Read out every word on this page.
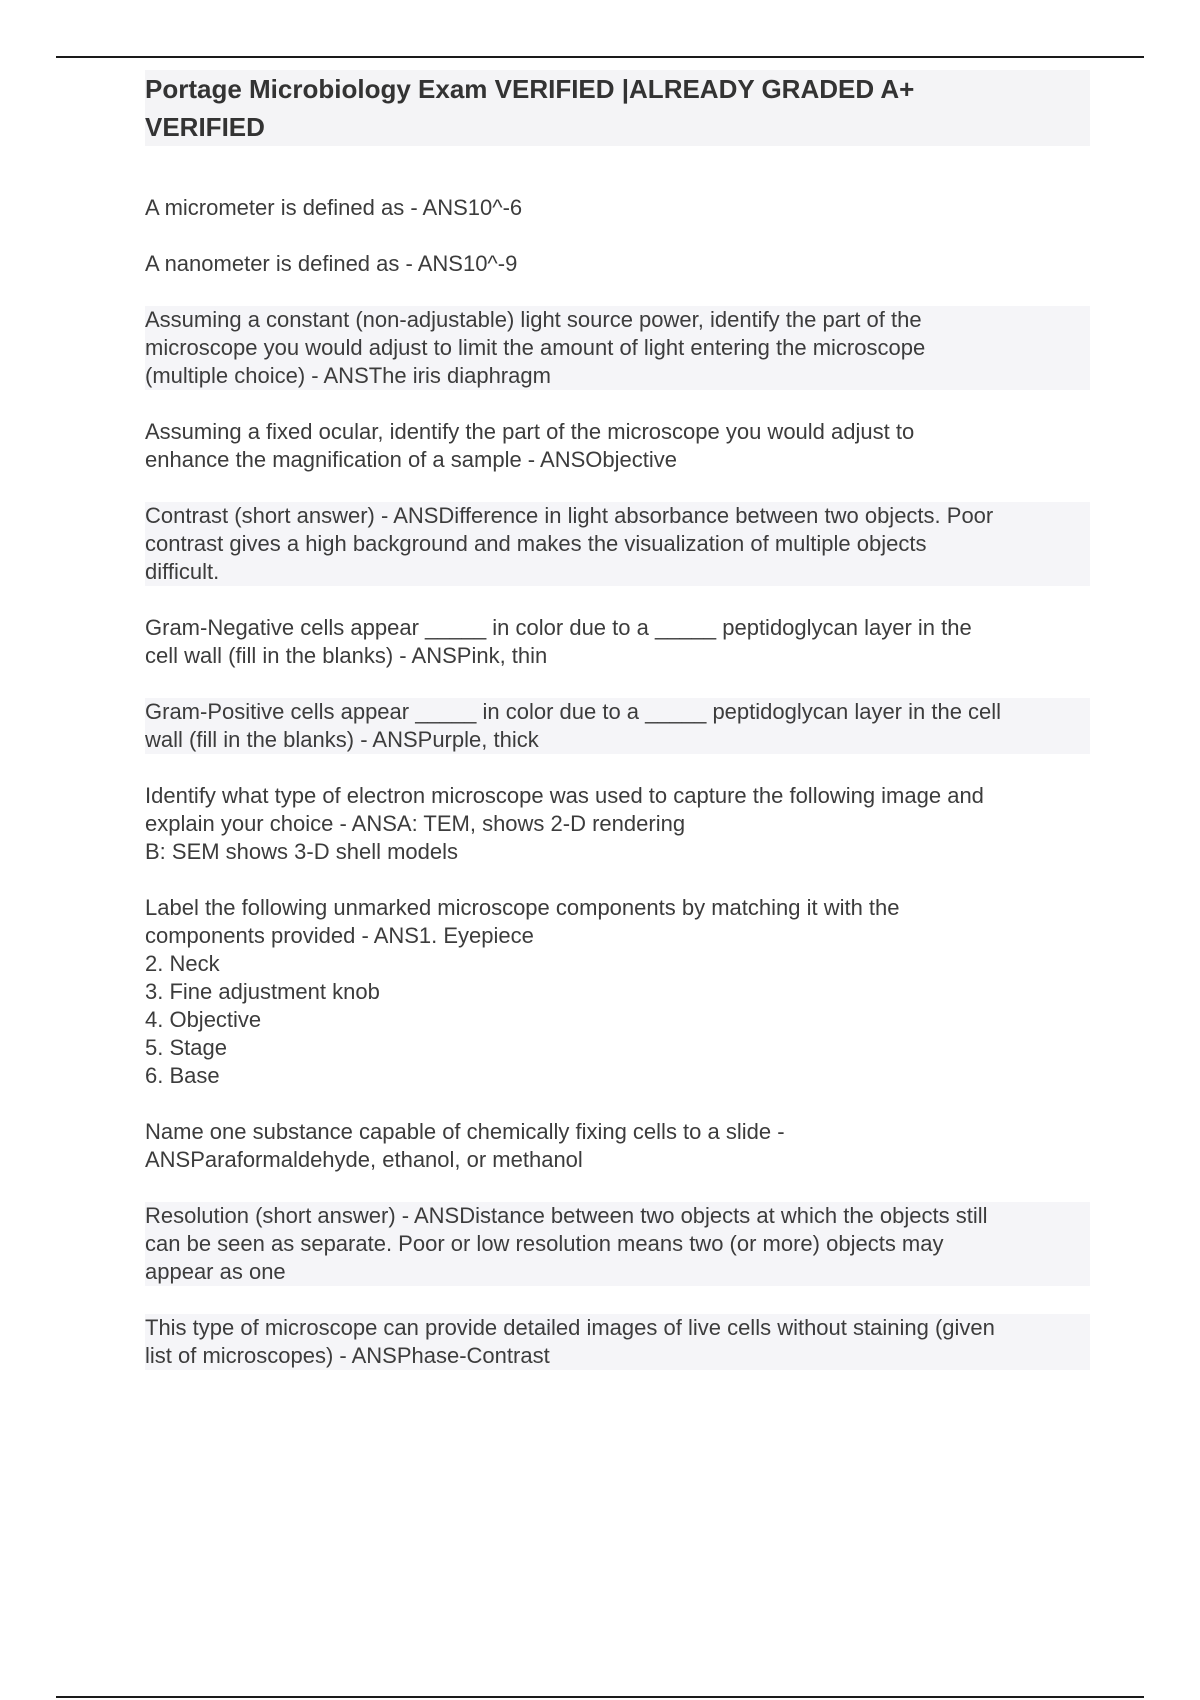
Portage Microbiology Exam VERIFIED |ALREADY GRADED A+
VERIFIED
A micrometer is defined as - ANS10^-6
A nanometer is defined as - ANS10^-9
Assuming a constant (non-adjustable) light source power, identify the part of the
microscope you would adjust to limit the amount of light entering the microscope
(multiple choice) - ANSThe iris diaphragm
Assuming a fixed ocular, identify the part of the microscope you would adjust to
enhance the magnification of a sample - ANSObjective
Contrast (short answer) - ANSDifference in light absorbance between two objects. Poor
contrast gives a high background and makes the visualization of multiple objects
difficult.
Gram-Negative cells appear _____ in color due to a _____ peptidoglycan layer in the
cell wall (fill in the blanks) - ANSPink, thin
Gram-Positive cells appear _____ in color due to a _____ peptidoglycan layer in the cell
wall (fill in the blanks) - ANSPurple, thick
Identify what type of electron microscope was used to capture the following image and
explain your choice - ANSA: TEM, shows 2-D rendering
B: SEM shows 3-D shell models
Label the following unmarked microscope components by matching it with the
components provided - ANS1. Eyepiece
2. Neck
3. Fine adjustment knob
4. Objective
5. Stage
6. Base
Name one substance capable of chemically fixing cells to a slide -
ANSParaformaldehyde, ethanol, or methanol
Resolution (short answer) - ANSDistance between two objects at which the objects still
can be seen as separate. Poor or low resolution means two (or more) objects may
appear as one
This type of microscope can provide detailed images of live cells without staining (given
list of microscopes) - ANSPhase-Contrast
